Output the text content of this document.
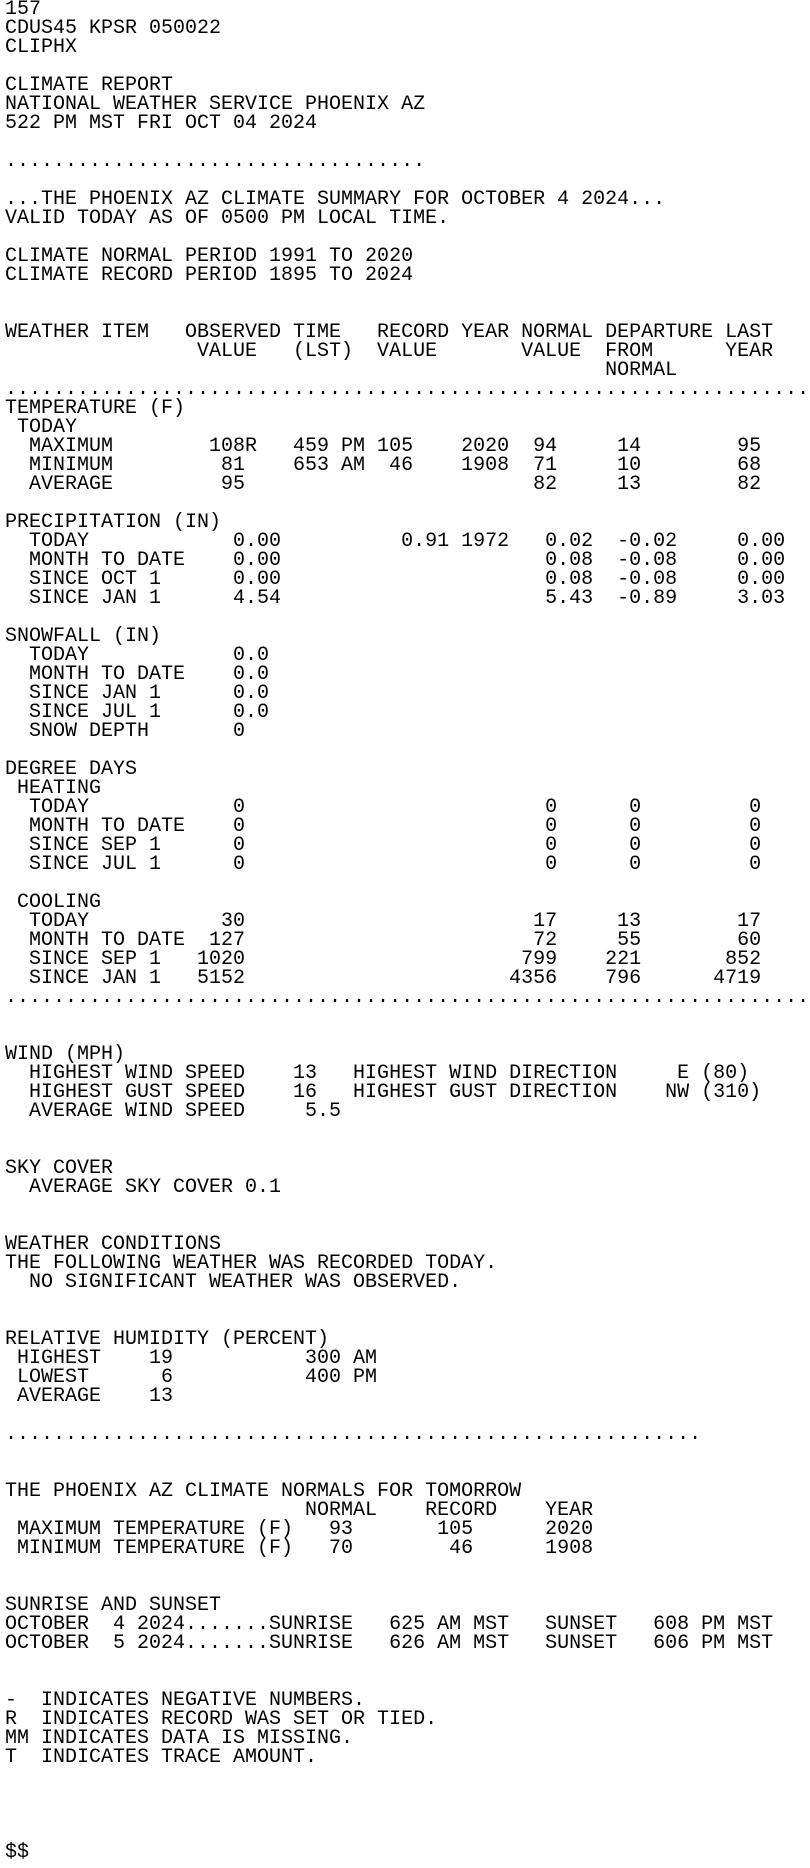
157
CDUS45 KPSR 050022
CLIPHX
CLIMATE REPORT
NATIONAL WEATHER SERVICE PHOENIX AZ
522 PM MST FRI OCT 04 2024
...................................
...THE PHOENIX AZ CLIMATE SUMMARY FOR OCTOBER 4 2024...
VALID TODAY AS OF 0500 PM LOCAL TIME.
CLIMATE NORMAL PERIOD 1991 TO 2020
CLIMATE RECORD PERIOD 1895 TO 2024
WEATHER ITEM   OBSERVED TIME   RECORD YEAR NORMAL DEPARTURE LAST
VALUE   (LST)  VALUE       VALUE  FROM      YEAR
NORMAL
...................................................................
TEMPERATURE (F)
TODAY
MAXIMUM        108R   459 PM 105    2020  94     14        95
MINIMUM         81    653 AM  46    1908  71     10        68
AVERAGE         95                        82     13        82
PRECIPITATION (IN)
TODAY            0.00          0.91 1972   0.02  -0.02     0.00
MONTH TO DATE    0.00                      0.08  -0.08     0.00
SINCE OCT 1      0.00                      0.08  -0.08     0.00
SINCE JAN 1      4.54                      5.43  -0.89     3.03
SNOWFALL (IN)
TODAY            0.0
MONTH TO DATE    0.0
SINCE JAN 1      0.0
SINCE JUL 1      0.0
SNOW DEPTH       0
DEGREE DAYS
HEATING
TODAY            0                         0      0         0
MONTH TO DATE    0                         0      0         0
SINCE SEP 1      0                         0      0         0
SINCE JUL 1      0                         0      0         0
COOLING
TODAY           30                        17     13        17
MONTH TO DATE  127                        72     55        60
SINCE SEP 1   1020                       799    221       852
SINCE JAN 1   5152                      4356    796      4719
...................................................................
WIND (MPH)
HIGHEST WIND SPEED    13   HIGHEST WIND DIRECTION     E (80)
HIGHEST GUST SPEED    16   HIGHEST GUST DIRECTION    NW (310)
AVERAGE WIND SPEED     5.5
SKY COVER
AVERAGE SKY COVER 0.1
WEATHER CONDITIONS
THE FOLLOWING WEATHER WAS RECORDED TODAY.
NO SIGNIFICANT WEATHER WAS OBSERVED.
RELATIVE HUMIDITY (PERCENT)
HIGHEST    19           300 AM
LOWEST      6           400 PM
AVERAGE    13
..........................................................
THE PHOENIX AZ CLIMATE NORMALS FOR TOMORROW
NORMAL    RECORD    YEAR
MAXIMUM TEMPERATURE (F)   93       105      2020
MINIMUM TEMPERATURE (F)   70        46      1908
SUNRISE AND SUNSET
OCTOBER  4 2024.......SUNRISE   625 AM MST   SUNSET   608 PM MST
OCTOBER  5 2024.......SUNRISE   626 AM MST   SUNSET   606 PM MST
-  INDICATES NEGATIVE NUMBERS.
R  INDICATES RECORD WAS SET OR TIED.
MM INDICATES DATA IS MISSING.
T  INDICATES TRACE AMOUNT.
$$
